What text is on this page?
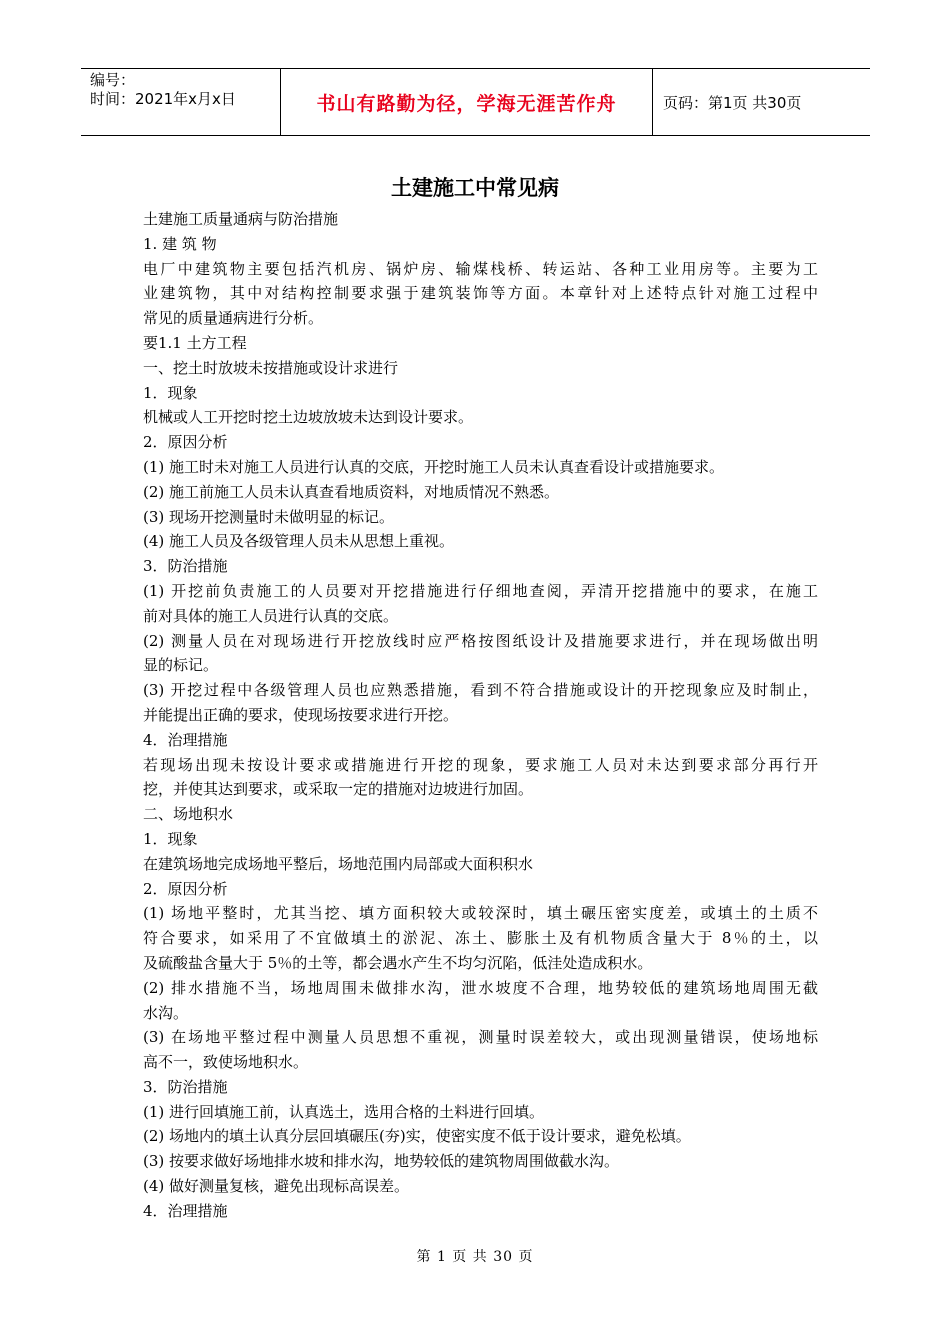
编号：
时间：2021年x月x日	书山有路勤为径，学海无涯苦作舟	页码：第1页 共30页
土建施工中常见病
土建施工质量通病与防治措施
1. 建 筑 物
电厂中建筑物主要包括汽机房、锅炉房、输煤栈桥、转运站、各种工业用房等。主要为工
业建筑物，其中对结构控制要求强于建筑装饰等方面。本章针对上述特点针对施工过程中
常见的质量通病进行分析。
要1.1 土方工程
一、挖土时放坡未按措施或设计求进行
1．现象
机械或人工开挖时挖土边坡放坡未达到设计要求。
2．原因分析
(1) 施工时未对施工人员进行认真的交底，开挖时施工人员未认真查看设计或措施要求。
(2) 施工前施工人员未认真查看地质资料，对地质情况不熟悉。
(3) 现场开挖测量时未做明显的标记。
(4) 施工人员及各级管理人员未从思想上重视。
3．防治措施
(1) 开挖前负责施工的人员要对开挖措施进行仔细地查阅，弄清开挖措施中的要求，在施工
前对具体的施工人员进行认真的交底。
(2) 测量人员在对现场进行开挖放线时应严格按图纸设计及措施要求进行，并在现场做出明
显的标记。
(3) 开挖过程中各级管理人员也应熟悉措施，看到不符合措施或设计的开挖现象应及时制止，
并能提出正确的要求，使现场按要求进行开挖。
4．治理措施
若现场出现未按设计要求或措施进行开挖的现象，要求施工人员对未达到要求部分再行开
挖，并使其达到要求，或采取一定的措施对边坡进行加固。
二、场地积水
1．现象
在建筑场地完成场地平整后，场地范围内局部或大面积积水
2．原因分析
(1) 场地平整时，尤其当挖、填方面积较大或较深时，填土碾压密实度差，或填土的土质不
符合要求，如采用了不宜做填土的淤泥、冻土、膨胀土及有机物质含量大于 8％的土，以
及硫酸盐含量大于 5％的土等，都会遇水产生不均匀沉陷，低洼处造成积水。
(2) 排水措施不当，场地周围未做排水沟，泄水坡度不合理，地势较低的建筑场地周围无截
水沟。
(3) 在场地平整过程中测量人员思想不重视，测量时误差较大，或出现测量错误，使场地标
高不一，致使场地积水。
3．防治措施
(1) 进行回填施工前，认真选土，选用合格的土料进行回填。
(2) 场地内的填土认真分层回填碾压(夯)实，使密实度不低于设计要求，避免松填。
(3) 按要求做好场地排水坡和排水沟，地势较低的建筑物周围做截水沟。
(4) 做好测量复核，避免出现标高误差。
4．治理措施
第 1 页 共 30 页
